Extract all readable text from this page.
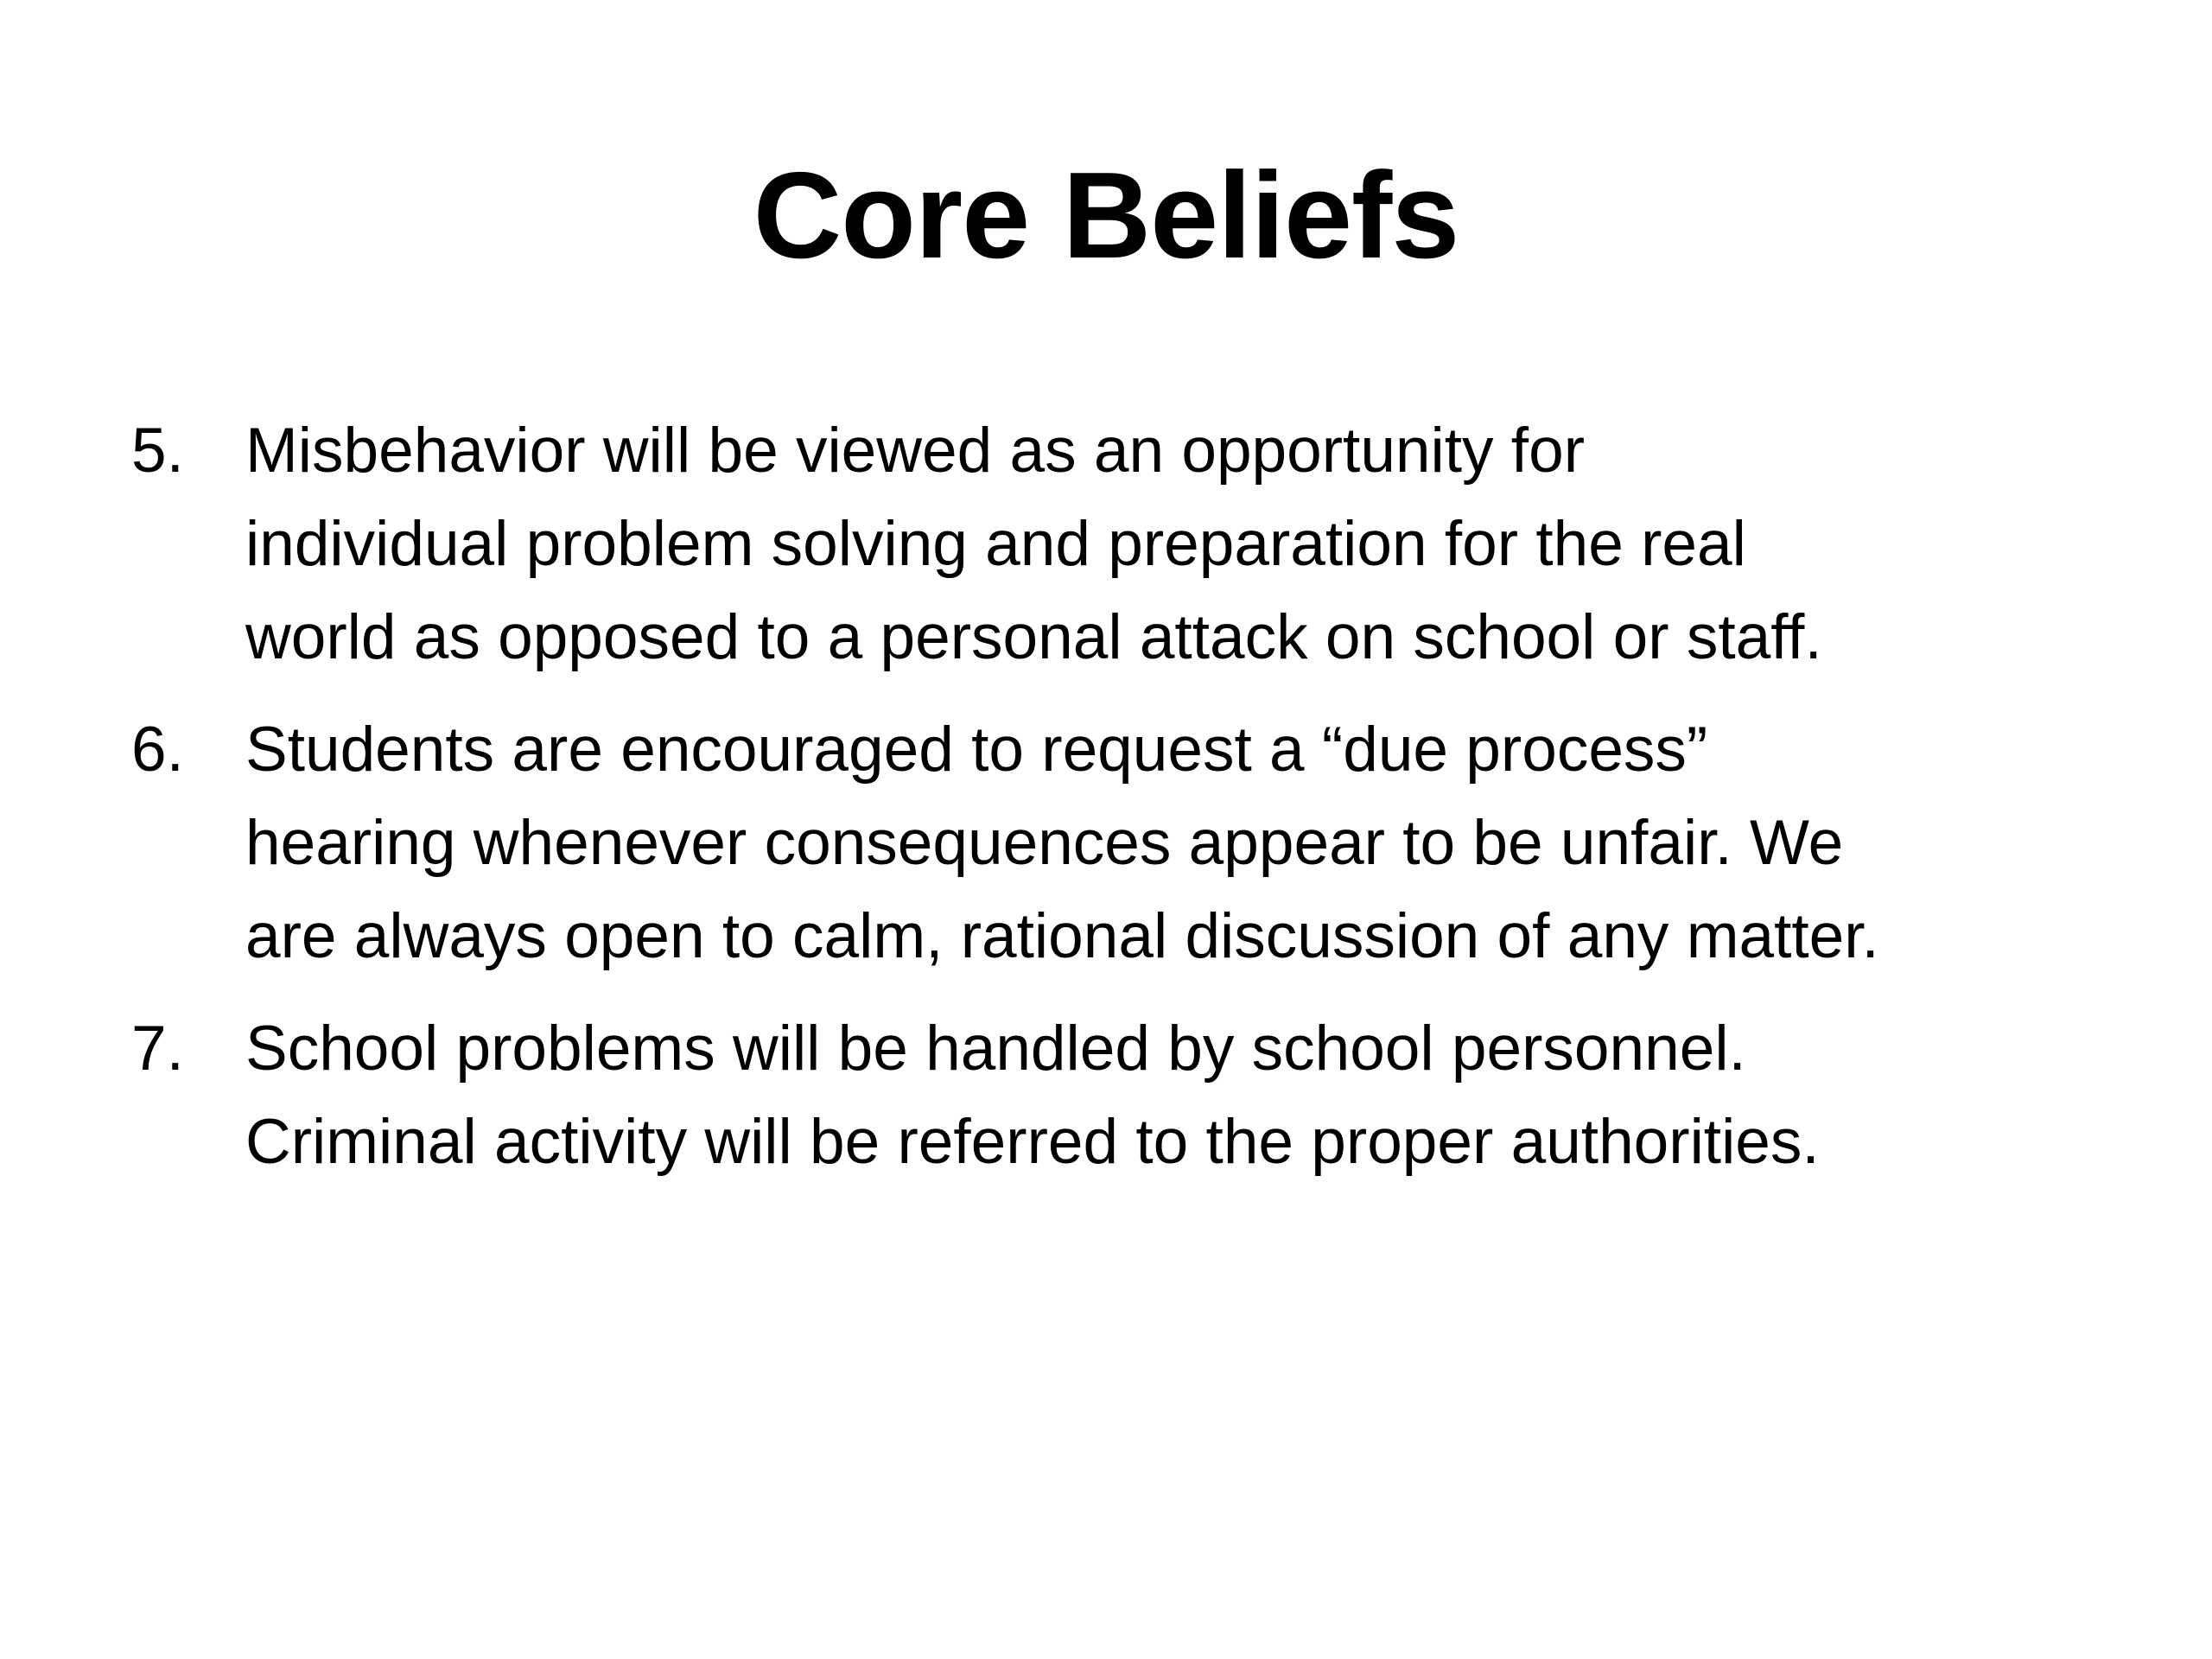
Core Beliefs
5. Misbehavior will be viewed as an opportunity for
individual problem solving and preparation for the real
world as opposed to a personal attack on school or staff.
6. Students are encouraged to request a “due process”
hearing whenever consequences appear to be unfair. We
are always open to calm, rational discussion of any matter.
7. School problems will be handled by school personnel.
Criminal activity will be referred to the proper authorities.
